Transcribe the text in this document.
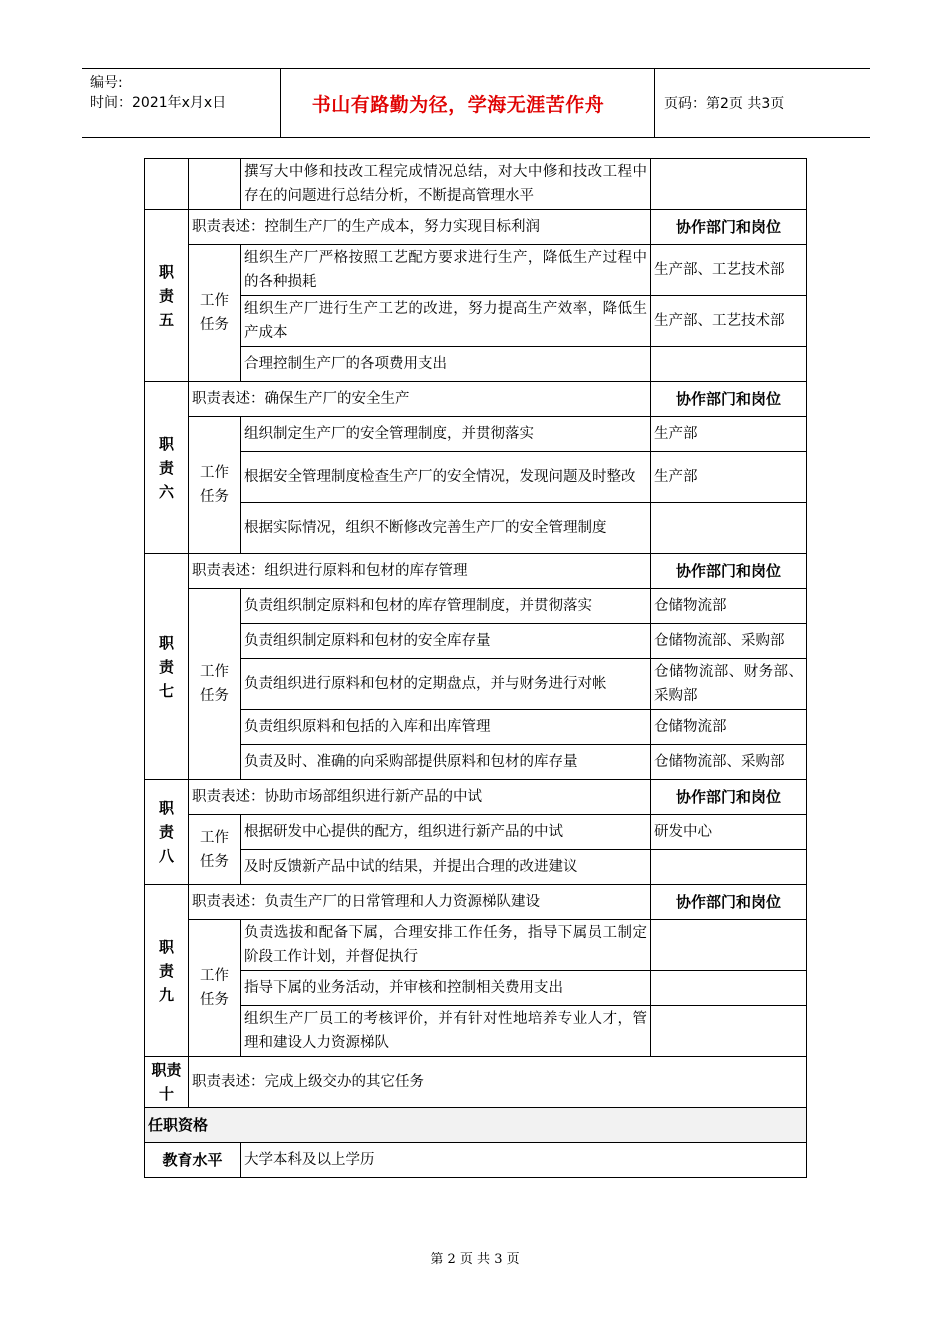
编号:
时间：2021年x月x日	书山有路勤为径，学海无涯苦作舟	页码：第2页 共3页
		撰写大中修和技改工程完成情况总结，对大中修和技改工程中存在的问题进行总结分析，不断提高管理水平	
职责五	职责表述：控制生产厂的生产成本，努力实现目标利润		协作部门和岗位
	工作任务	组织生产厂严格按照工艺配方要求进行生产，降低生产过程中的各种损耗	生产部、工艺技术部
		组织生产厂进行生产工艺的改进，努力提高生产效率，降低生产成本	生产部、工艺技术部
		合理控制生产厂的各项费用支出	
职责六	职责表述：确保生产厂的安全生产		协作部门和岗位
	工作任务	组织制定生产厂的安全管理制度，并贯彻落实	生产部
		根据安全管理制度检查生产厂的安全情况，发现问题及时整改	生产部
		根据实际情况，组织不断修改完善生产厂的安全管理制度	
职责七	职责表述：组织进行原料和包材的库存管理		协作部门和岗位
	工作任务	负责组织制定原料和包材的库存管理制度，并贯彻落实	仓储物流部
		负责组织制定原料和包材的安全库存量	仓储物流部、采购部
		负责组织进行原料和包材的定期盘点，并与财务进行对帐	仓储物流部、财务部、采购部
		负责组织原料和包括的入库和出库管理	仓储物流部
		负责及时、准确的向采购部提供原料和包材的库存量	仓储物流部、采购部
职责八	职责表述：协助市场部组织进行新产品的中试		协作部门和岗位
	工作任务	根据研发中心提供的配方，组织进行新产品的中试	研发中心
		及时反馈新产品中试的结果，并提出合理的改进建议	
职责九	职责表述：负责生产厂的日常管理和人力资源梯队建设		协作部门和岗位
	工作任务	负责选拔和配备下属，合理安排工作任务，指导下属员工制定阶段工作计划，并督促执行	
		指导下属的业务活动，并审核和控制相关费用支出	
		组织生产厂员工的考核评价，并有针对性地培养专业人才，管理和建设人力资源梯队	
职责十	职责表述：完成上级交办的其它任务		
任职资格			
教育水平		大学本科及以上学历	
第 2 页 共 3 页
